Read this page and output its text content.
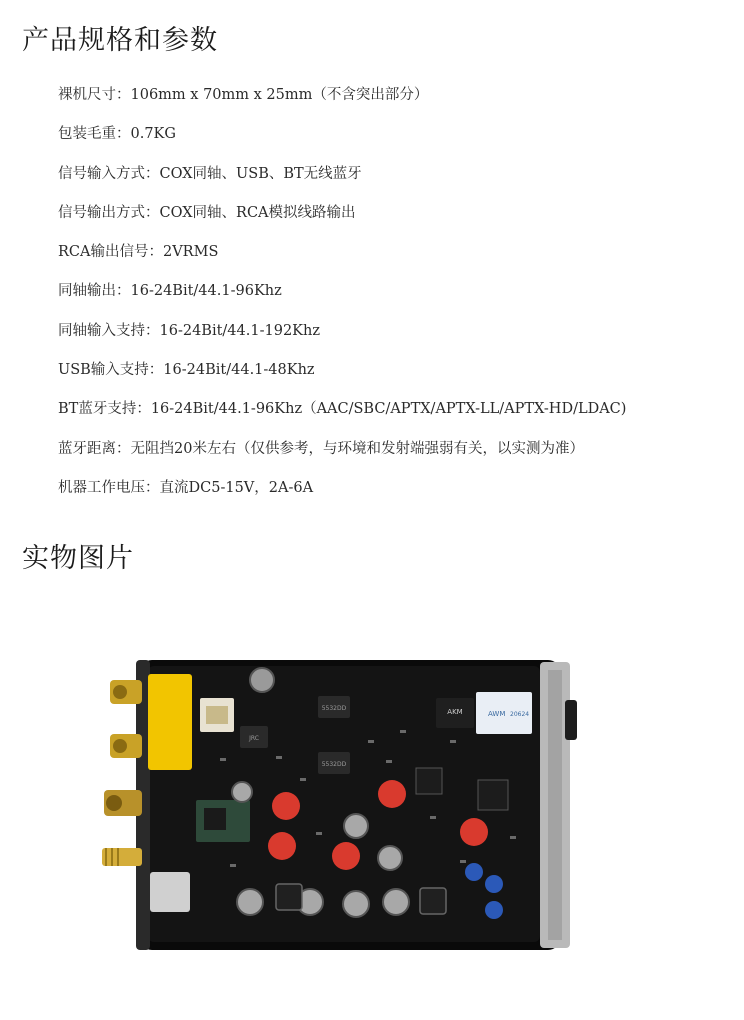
产品规格和参数
裸机尺寸：106mm x 70mm x 25mm（不含突出部分）
包装毛重：0.7KG
信号输入方式：COX同轴、USB、BT无线蓝牙
信号输出方式：COX同轴、RCA模拟线路输出
RCA输出信号：2VRMS
同轴输出：16-24Bit/44.1-96Khz
同轴输入支持：16-24Bit/44.1-192Khz
USB输入支持：16-24Bit/44.1-48Khz
BT蓝牙支持：16-24Bit/44.1-96Khz（AAC/SBC/APTX/APTX-LL/APTX-HD/LDAC)
蓝牙距离：无阻挡20米左右（仅供参考，与环境和发射端强弱有关，以实测为准）
机器工作电压：直流DC5-15V，2A-6A
实物图片
5532DD
5532DD
JRC
AKM	AWM 20624
